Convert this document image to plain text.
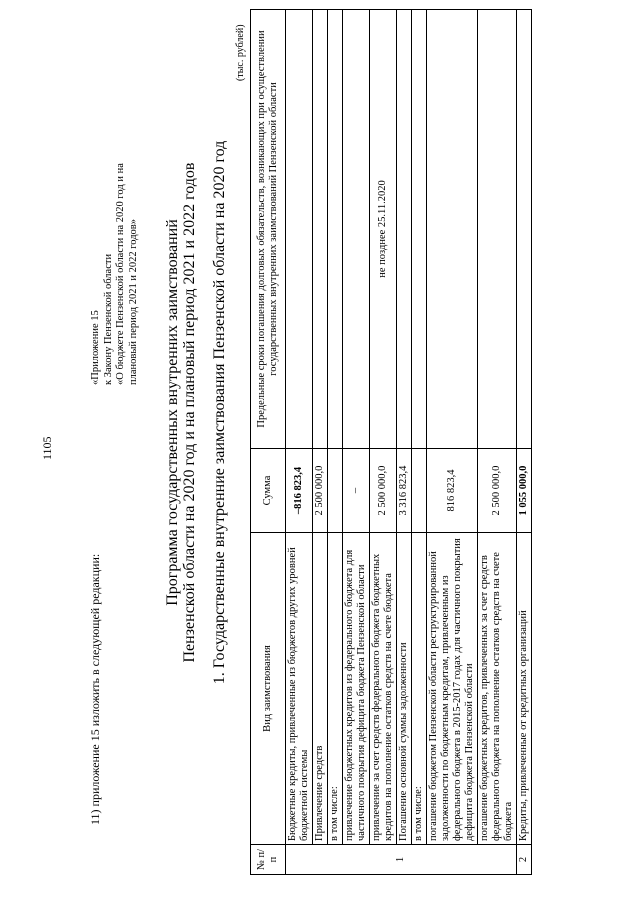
1105
11) приложение 15 изложить в следующей редакции:
«Приложение 15 к Закону Пензенской области «О бюджете Пензенской области на 2020 год и на плановый период 2021 и 2022 годов» Программа государственных внутренних заимствований Пензенской области на 2020 год и на плановый период 2021 и 2022 годов 1. Государственные внутренние заимствования Пензенской области на 2020 год
(тыс. рублей)
№ п/п	Вид заимствования	Сумма	Предельные сроки погашения долговых обязательств, возникающих при осуществлении государственных внутренних заимствований Пензенской области
1	Бюджетные кредиты, привлеченные из бюджетов других уровней бюджетной системы	–816 823,4	
	Привлечение средств	2 500 000,0	
	в том числе:		
	привлечение бюджетных кредитов из федерального бюджета для частичного покрытия дефицита бюджета Пензенской области	–	
	привлечение за счет средств федерального бюджета бюджетных кредитов на пополнение остатков средств на счете бюджета	2 500 000,0	не позднее 25.11.2020
	Погашение основной суммы задолженности	3 316 823,4	
	в том числе:		
	погашение бюджетом Пензенской области реструктурированной задолженности по бюджетным кредитам, привлеченным из федерального бюджета в 2015-2017 годах для частичного покрытия дефицита бюджета Пензенской области	816 823,4	
	погашение бюджетных кредитов, привлеченных за счет средств федерального бюджета на пополнение остатков средств на счете бюджета	2 500 000,0	
2	Кредиты, привлеченные от кредитных организаций	1 055 000,0	
